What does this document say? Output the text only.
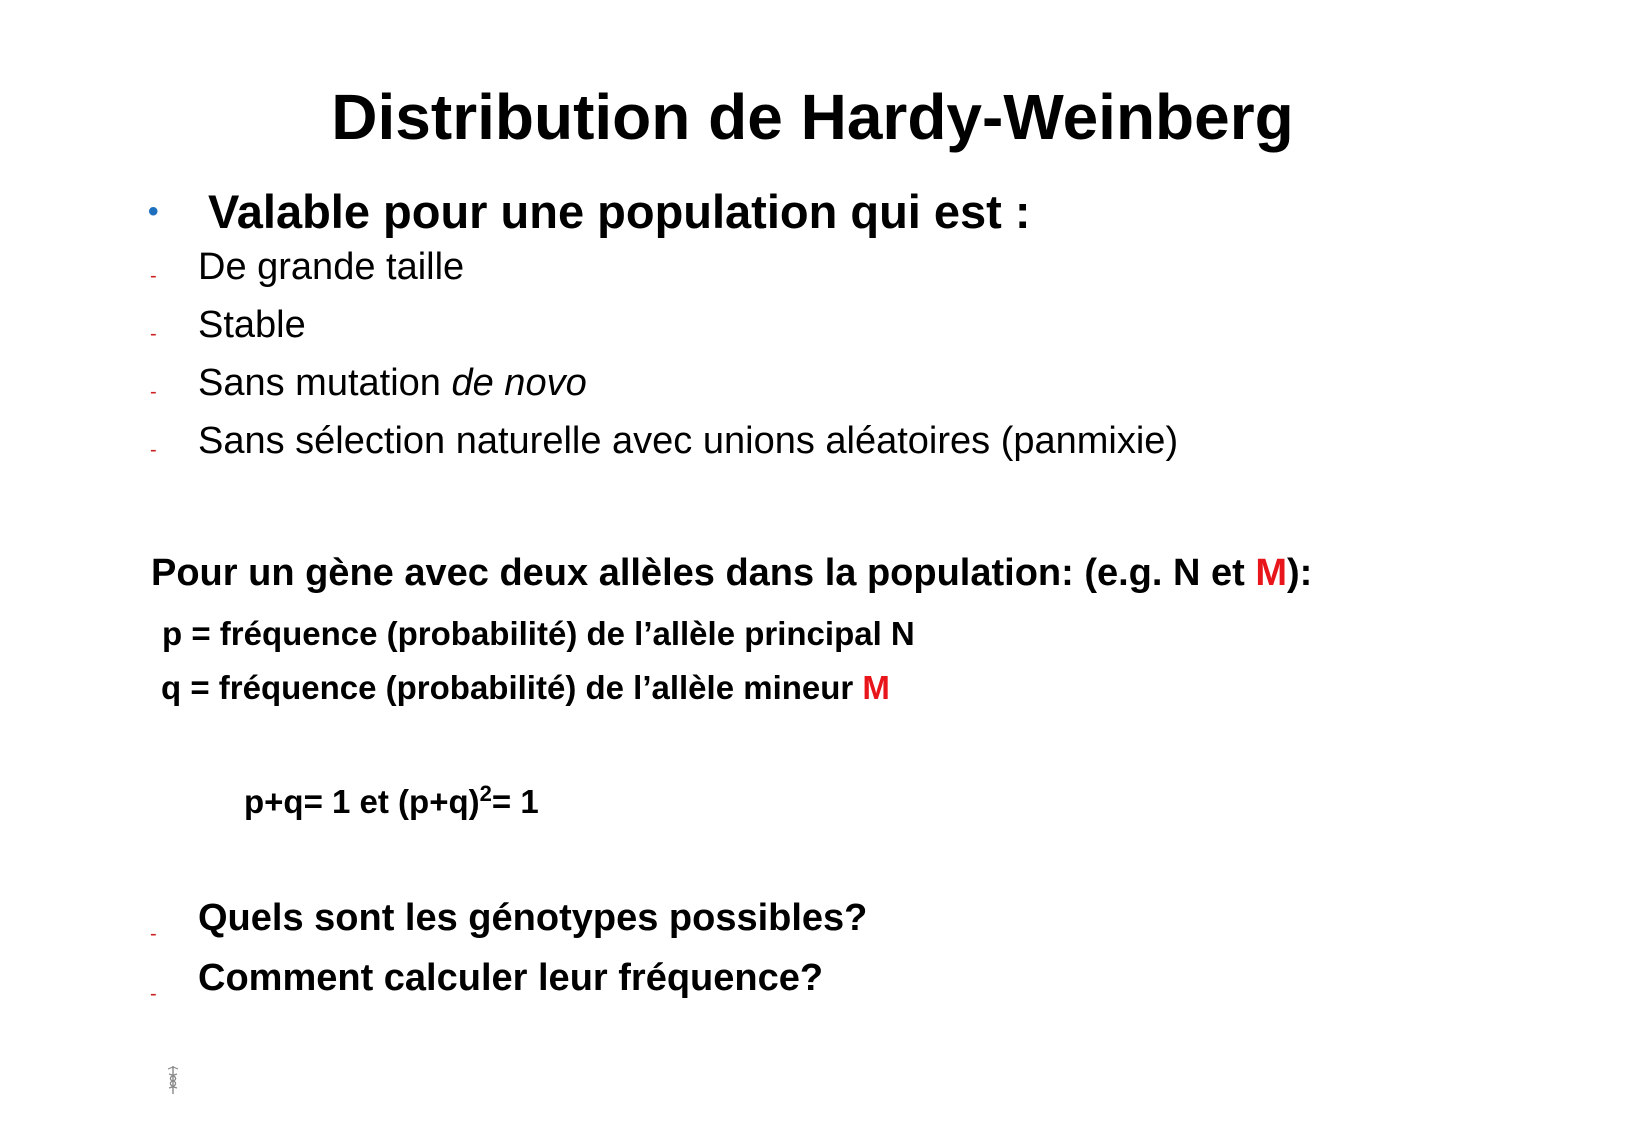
Distribution de Hardy-Weinberg
• Valable pour une population qui est :
- De grande taille
- Stable
- Sans mutation de novo
- Sans sélection naturelle avec unions aléatoires (panmixie)
Pour un gène avec deux allèles dans la population: (e.g. N et M):
p = fréquence (probabilité) de l’allèle principal N
q = fréquence (probabilité) de l’allèle mineur M
p+q= 1 et $(p+q)^2= 1$
- Quels sont les génotypes possibles?
- Comment calculer leur fréquence?
